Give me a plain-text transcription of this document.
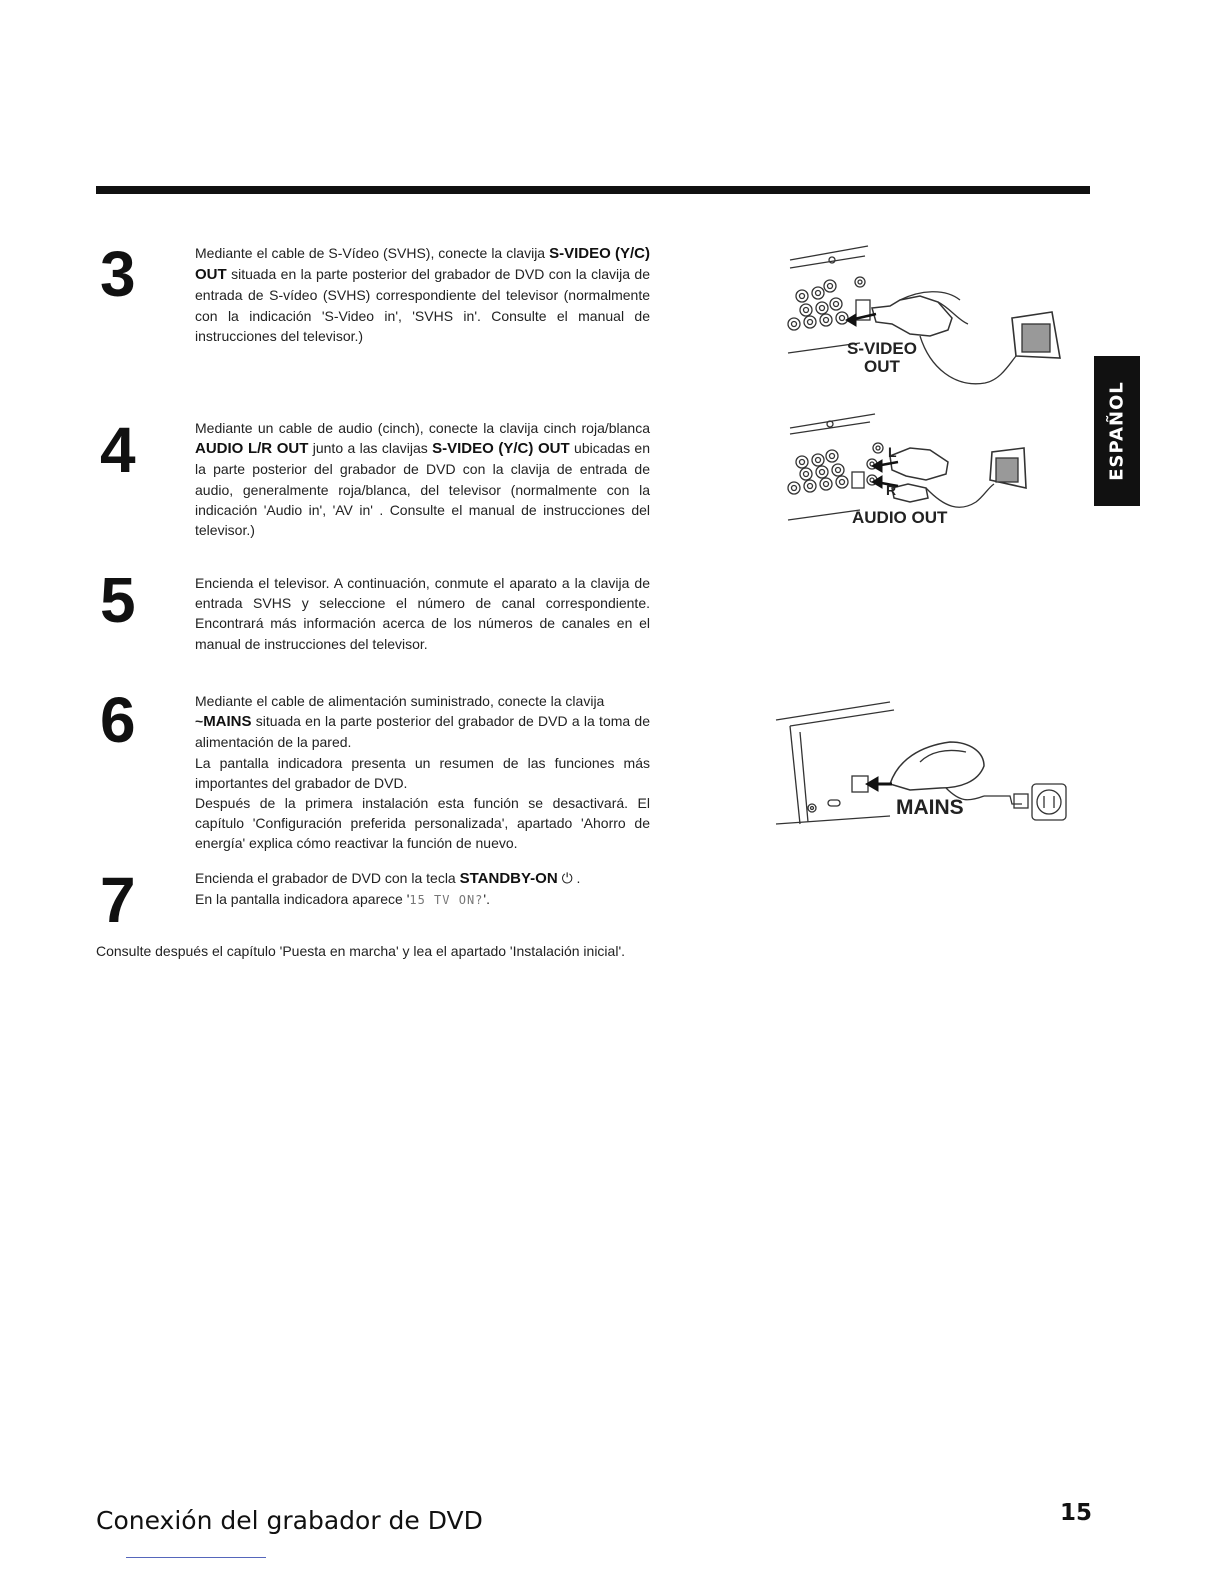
ESPAÑOL
3	Mediante el cable de S-Vídeo (SVHS), conecte la clavija S-VIDEO (Y/C) OUT situada en la parte posterior del grabador de DVD con la clavija de entrada de S-vídeo (SVHS) correspondiente del televisor (normalmente con la indicación 'S-Video in', 'SVHS in'. Consulte el manual de instrucciones del televisor.)

4	Mediante un cable de audio (cinch), conecte la clavija cinch roja/blanca AUDIO L/R OUT junto a las clavijas S-VIDEO (Y/C) OUT ubicadas en la parte posterior del grabador de DVD con la clavija de entrada de audio, generalmente roja/blanca, del televisor (normalmente con la indicación 'Audio in', 'AV in' . Consulte el manual de instrucciones del televisor.)

5	Encienda el televisor. A continuación, conmute el aparato a la clavija de entrada SVHS y seleccione el número de canal correspondiente. Encontrará más información acerca de los números de canales en el manual de instrucciones del televisor.

6	Mediante el cable de alimentación suministrado, conecte la clavija
~MAINS situada en la parte posterior del grabador de DVD a la toma de alimentación de la pared.

La pantalla indicadora presenta un resumen de las funciones más importantes del grabador de DVD.

Después de la primera instalación esta función se desactivará. El capítulo 'Configuración preferida personalizada', apartado 'Ahorro de energía' explica cómo reactivar la función de nuevo.

7	Encienda el grabador de DVD con la tecla STANDBY-ON ⏻ .

En la pantalla indicadora aparece '15 TV ON?'.

Consulte después el capítulo 'Puesta en marcha' y lea el apartado 'Instalación inicial'.
S-VIDEO
OUT
L
R
AUDIO OUT
MAINS
Conexión del grabador de DVD	15
